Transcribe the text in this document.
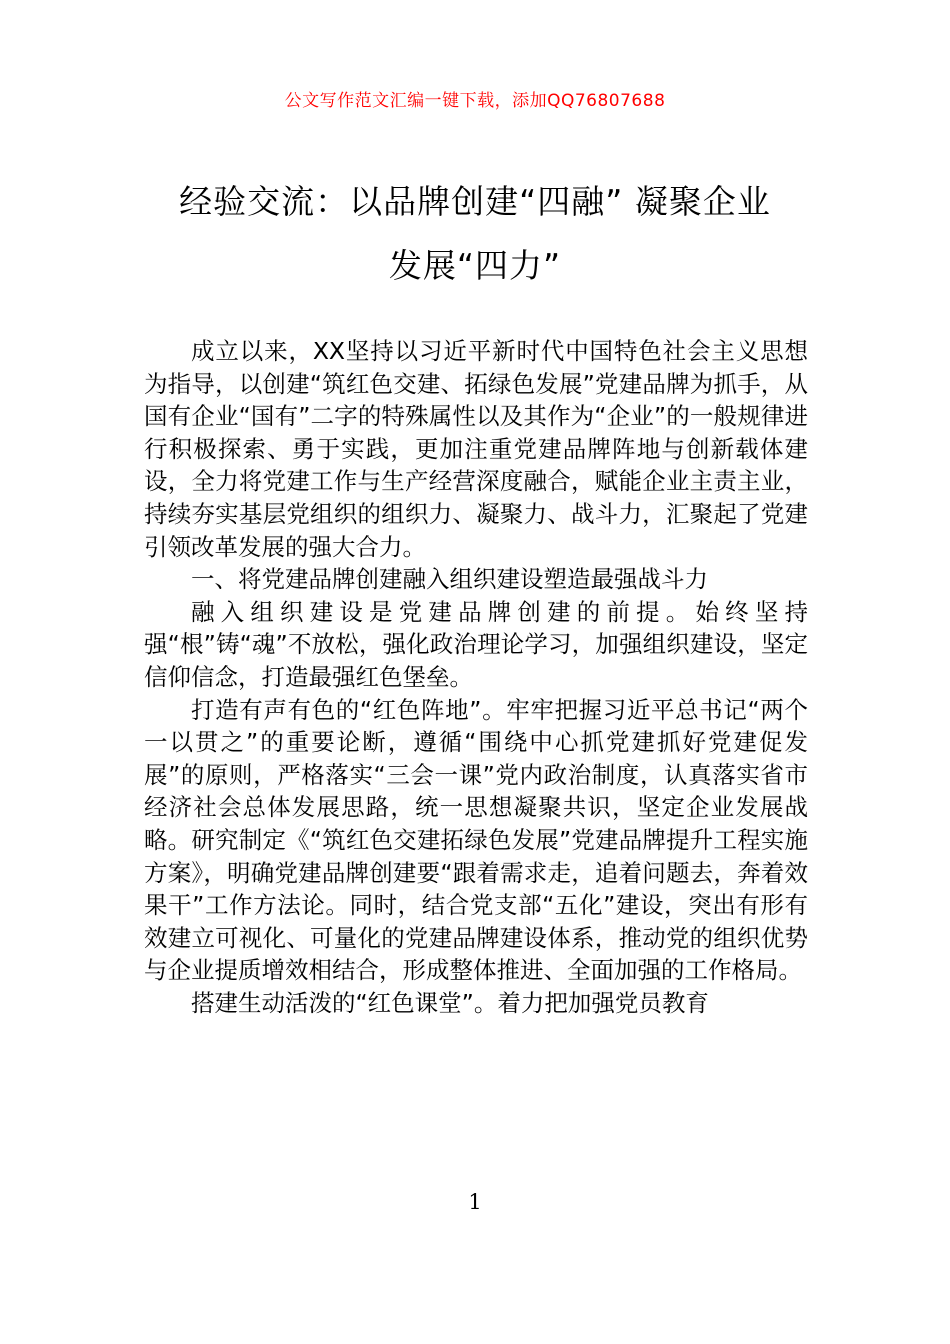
公文写作范文汇编一键下载，添加QQ76807688
经验交流：以品牌创建“四融” 凝聚企业
发展“四力”

成立以来，XX坚持以习近平新时代中国特色社会主义思想为指导，以创建“筑红色交建、拓绿色发展”党建品牌为抓手，从国有企业“国有”二字的特殊属性以及其作为“企业”的一般规律进行积极探索、勇于实践，更加注重党建品牌阵地与创新载体建设，全力将党建工作与生产经营深度融合，赋能企业主责主业，持续夯实基层党组织的组织力、凝聚力、战斗力，汇聚起了党建引领改革发展的强大合力。

一、将党建品牌创建融入组织建设塑造最强战斗力

融入组织建设是党建品牌创建的前提。始终坚持强“根”铸“魂”不放松，强化政治理论学习，加强组织建设，坚定信仰信念，打造最强红色堡垒。

打造有声有色的“红色阵地”。牢牢把握习近平总书记“两个一以贯之”的重要论断，遵循“围绕中心抓党建抓好党建促发展”的原则，严格落实“三会一课”党内政治制度，认真落实省市经济社会总体发展思路，统一思想凝聚共识，坚定企业发展战略。研究制定《“筑红色交建拓绿色发展”党建品牌提升工程实施方案》，明确党建品牌创建要“跟着需求走，追着问题去，奔着效果干”工作方法论。同时，结合党支部“五化”建设，突出有形有效建立可视化、可量化的党建品牌建设体系，推动党的组织优势与企业提质增效相结合，形成整体推进、全面加强的工作格局。

搭建生动活泼的“红色课堂”。着力把加强党员教育

1
